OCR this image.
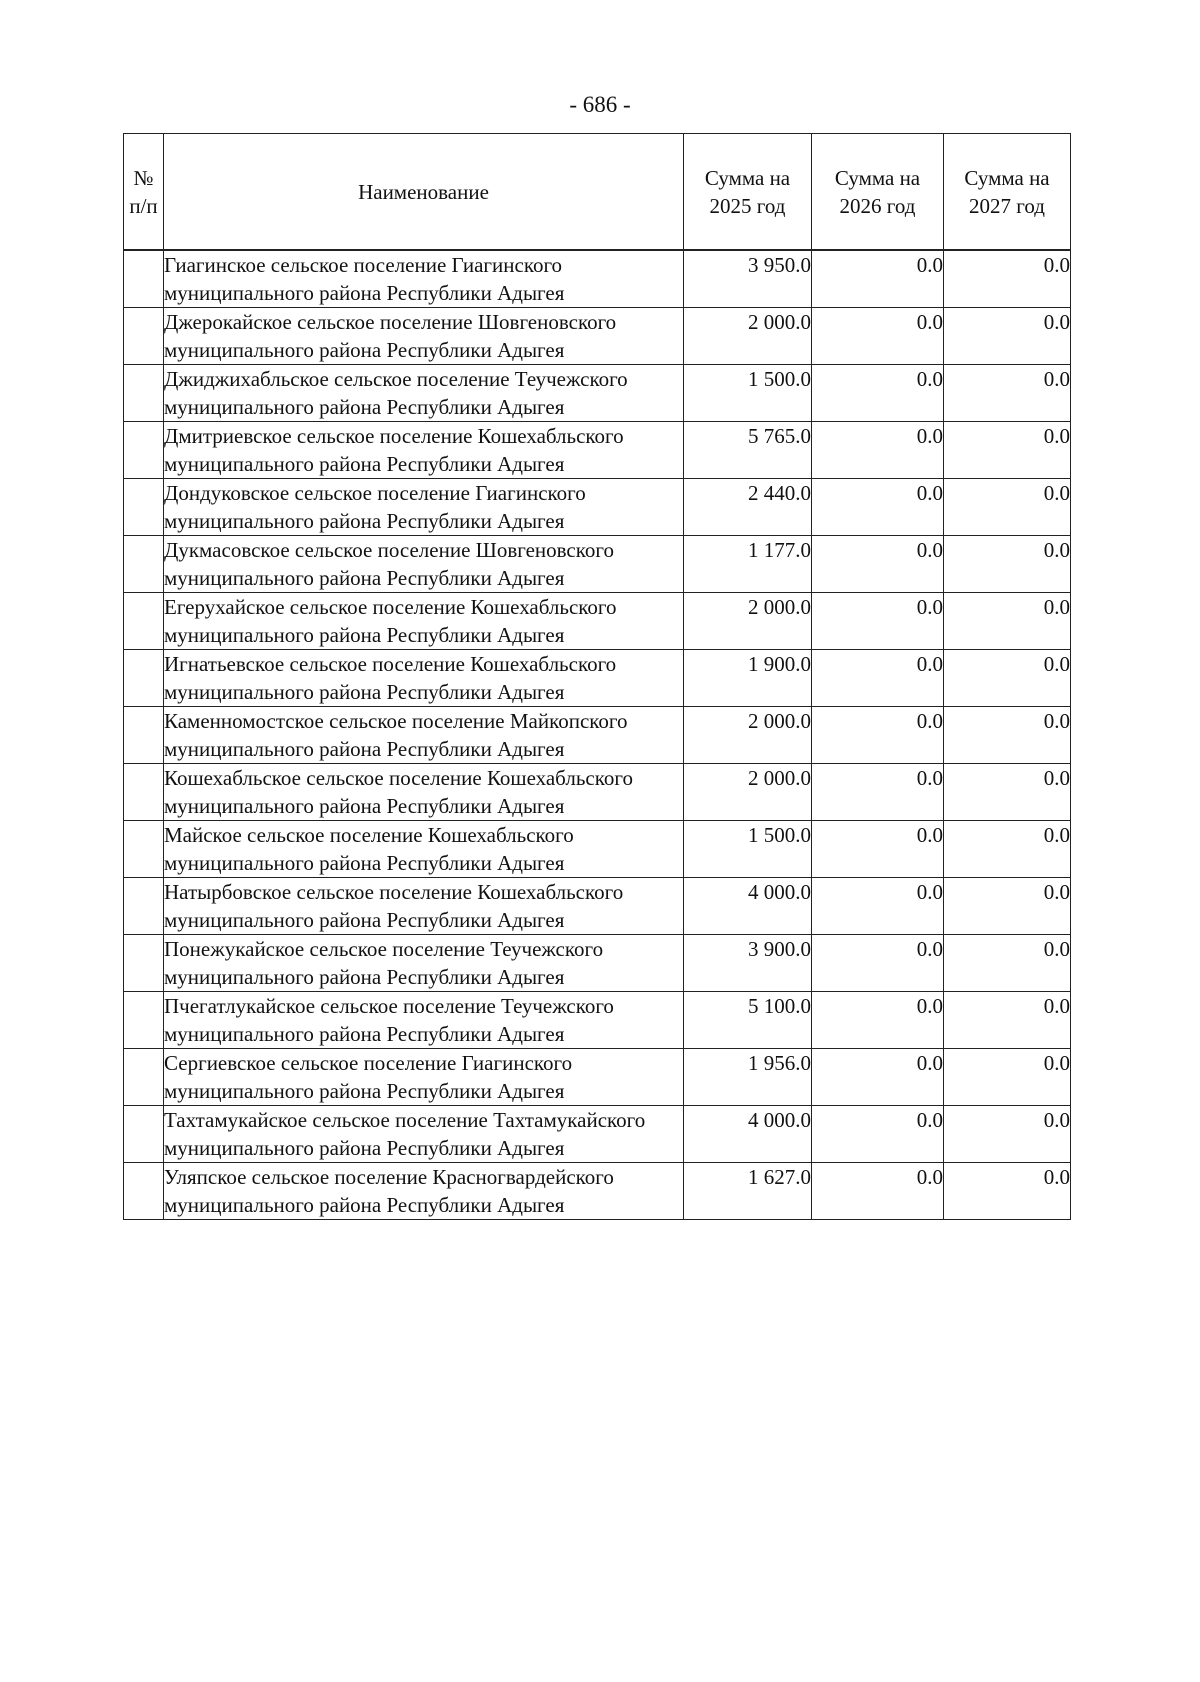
- 686 -
№ п/п	Наименование	Сумма на 2025 год	Сумма на 2026 год	Сумма на 2027 год
	Гиагинское сельское поселение Гиагинского муниципального района Республики Адыгея	3 950.0	0.0	0.0
	Джерокайское сельское поселение Шовгеновского муниципального района Республики Адыгея	2 000.0	0.0	0.0
	Джиджихабльское сельское поселение Теучежского муниципального района Республики Адыгея	1 500.0	0.0	0.0
	Дмитриевское сельское поселение Кошехабльского муниципального района Республики Адыгея	5 765.0	0.0	0.0
	Дондуковское сельское поселение Гиагинского муниципального района Республики Адыгея	2 440.0	0.0	0.0
	Дукмасовское сельское поселение Шовгеновского муниципального района Республики Адыгея	1 177.0	0.0	0.0
	Егерухайское сельское поселение Кошехабльского муниципального района Республики Адыгея	2 000.0	0.0	0.0
	Игнатьевское сельское поселение Кошехабльского муниципального района Республики Адыгея	1 900.0	0.0	0.0
	Каменномостское сельское поселение Майкопского муниципального района Республики Адыгея	2 000.0	0.0	0.0
	Кошехабльское сельское поселение Кошехабльского муниципального района Республики Адыгея	2 000.0	0.0	0.0
	Майское сельское поселение Кошехабльского муниципального района Республики Адыгея	1 500.0	0.0	0.0
	Натырбовское сельское поселение Кошехабльского муниципального района Республики Адыгея	4 000.0	0.0	0.0
	Понежукайское сельское поселение Теучежского муниципального района Республики Адыгея	3 900.0	0.0	0.0
	Пчегатлукайское сельское поселение Теучежского муниципального района Республики Адыгея	5 100.0	0.0	0.0
	Сергиевское сельское поселение Гиагинского муниципального района Республики Адыгея	1 956.0	0.0	0.0
	Тахтамукайское сельское поселение Тахтамукайского муниципального района Республики Адыгея	4 000.0	0.0	0.0
	Уляпское сельское поселение Красногвардейского муниципального района Республики Адыгея	1 627.0	0.0	0.0
